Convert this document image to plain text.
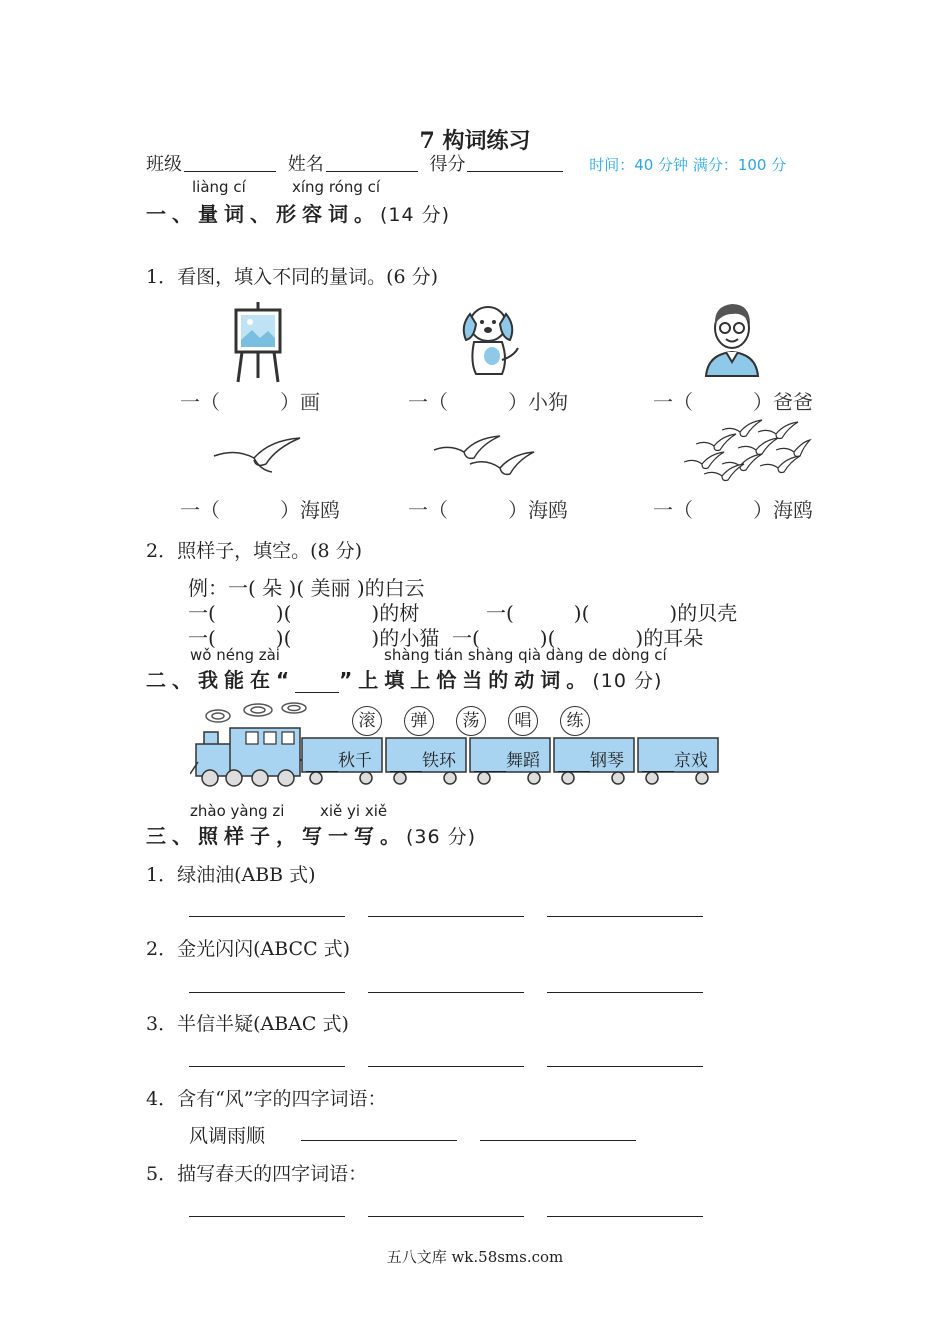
7 构词练习
班级	姓名	得分	时间：40 分钟 满分：100 分
liàng cí	xíng róng cí
一、量词、形容词。(14 分)
1．看图，填入不同的量词。(6 分)
一（　　　）画	一（　　　）小狗	一（　　　）爸爸
一（　　　）海鸥	一（　　　）海鸥	一（　　　）海鸥
2．照样子，填空。(8 分)
例：一( 朵 )( 美丽 )的白云
一(　　　)(　　　　)的树	一(　　　)(　　　　)的贝壳
一(　　　)(　　　　)的小猫 一(　　　)(　　　　)的耳朵
wǒ néng zài	shàng tián shàng qià dàng de dòng cí
二、我能在“ ”上填上恰当的动词。(10 分)
滚	弹	荡	唱	练
秋千	铁环	舞蹈	钢琴	京戏
zhào yàng zi xiě yi xiě
三、照样子，写一写。(36 分)
1．绿油油(ABB 式)
2．金光闪闪(ABCC 式)
3．半信半疑(ABAC 式)
4．含有“风”字的四字词语：
风调雨顺
5．描写春天的四字词语：
五八文库 wk.58sms.com
